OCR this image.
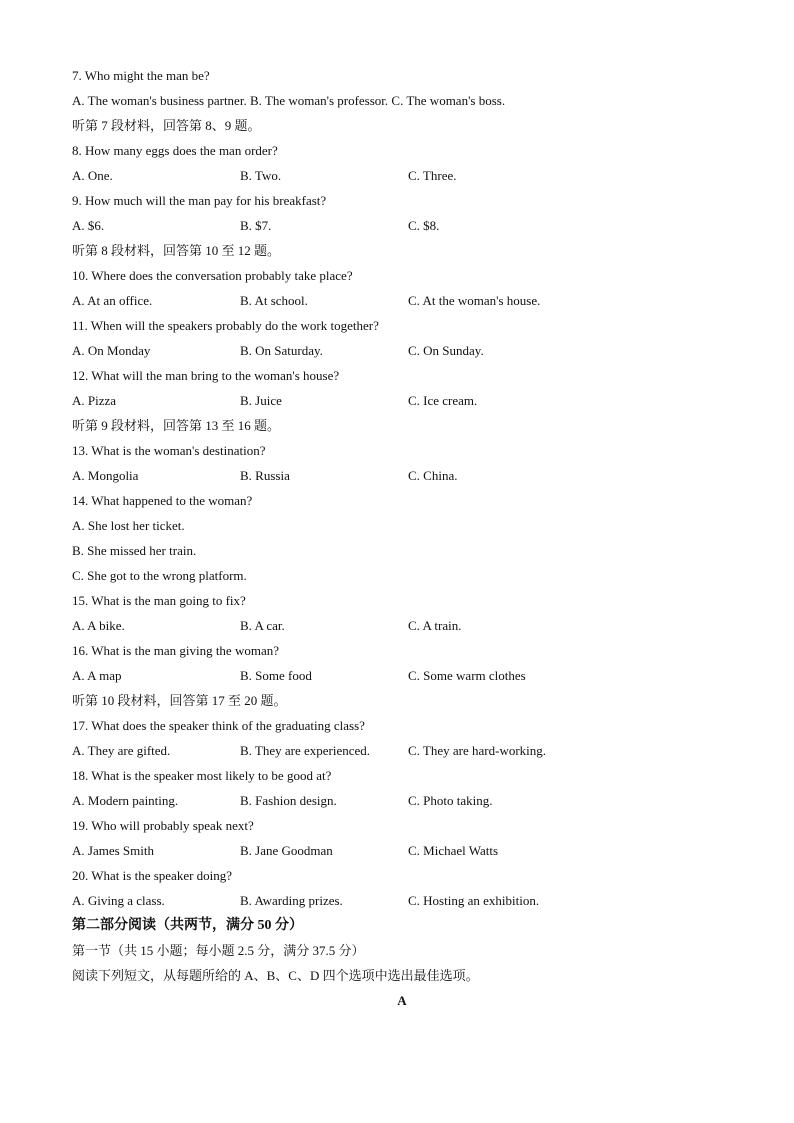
7. Who might the man be?
A. The woman's business partner. B. The woman's professor. C. The woman's boss.
听第 7 段材料，回答第 8、9 题。
8. How many eggs does the man order?
A. One.	B. Two.	C. Three.
9. How much will the man pay for his breakfast?
A. $6.	B. $7.	C. $8.
听第 8 段材料，回答第 10 至 12 题。
10. Where does the conversation probably take place?
A. At an office.	B. At school.	C. At the woman's house.
11. When will the speakers probably do the work together?
A. On Monday	B. On Saturday.	C. On Sunday.
12. What will the man bring to the woman's house?
A. Pizza	B. Juice	C. Ice cream.
听第 9 段材料，回答第 13 至 16 题。
13. What is the woman's destination?
A. Mongolia	B. Russia	C. China.
14. What happened to the woman?
A. She lost her ticket.
B. She missed her train.
C. She got to the wrong platform.
15. What is the man going to fix?
A. A bike.	B. A car.	C. A train.
16. What is the man giving the woman?
A. A map	B. Some food	C. Some warm clothes
听第 10 段材料，回答第 17 至 20 题。
17. What does the speaker think of the graduating class?
A. They are gifted.	B. They are experienced.	C. They are hard-working.
18. What is the speaker most likely to be good at?
A. Modern painting.	B. Fashion design.	C. Photo taking.
19. Who will probably speak next?
A. James Smith	B. Jane Goodman	C. Michael Watts
20. What is the speaker doing?
A. Giving a class.	B. Awarding prizes.	C. Hosting an exhibition.
第二部分阅读（共两节，满分 50 分）
第一节（共 15 小题；每小题 2.5 分，满分 37.5 分）
阅读下列短文，从每题所给的 A、B、C、D 四个选项中选出最佳选项。
A
